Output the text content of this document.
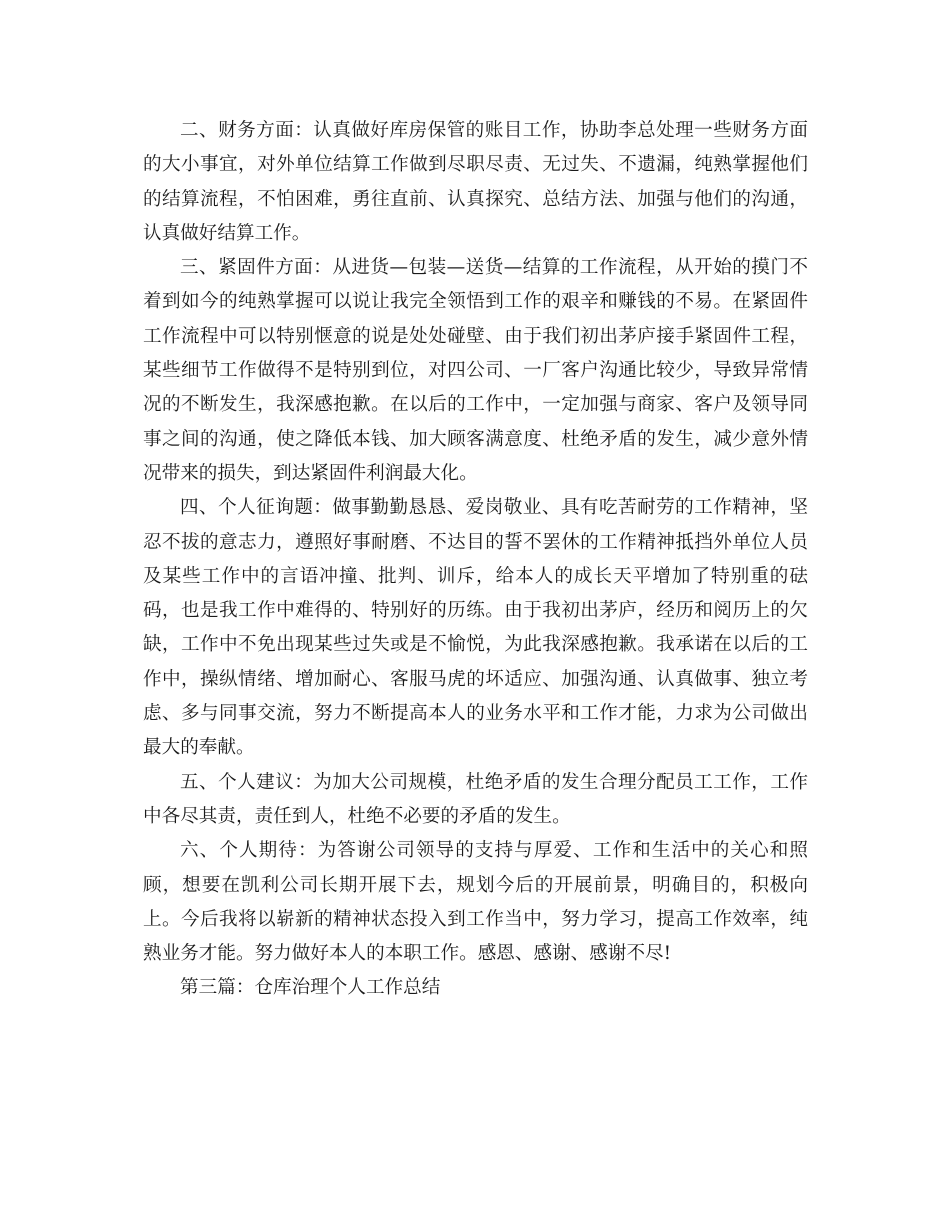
二、财务方面：认真做好库房保管的账目工作，协助李总处理一些财务方面的大小事宜，对外单位结算工作做到尽职尽责、无过失、不遗漏，纯熟掌握他们的结算流程，不怕困难，勇往直前、认真探究、总结方法、加强与他们的沟通，认真做好结算工作。

三、紧固件方面：从进货—包装—送货—结算的工作流程，从开始的摸门不着到如今的纯熟掌握可以说让我完全领悟到工作的艰辛和赚钱的不易。在紧固件工作流程中可以特别惬意的说是处处碰壁、由于我们初出茅庐接手紧固件工程，某些细节工作做得不是特别到位，对四公司、一厂客户沟通比较少，导致异常情况的不断发生，我深感抱歉。在以后的工作中，一定加强与商家、客户及领导同事之间的沟通，使之降低本钱、加大顾客满意度、杜绝矛盾的发生，减少意外情况带来的损失，到达紧固件利润最大化。

四、个人征询题：做事勤勤恳恳、爱岗敬业、具有吃苦耐劳的工作精神，坚忍不拔的意志力，遵照好事耐磨、不达目的誓不罢休的工作精神抵挡外单位人员及某些工作中的言语冲撞、批判、训斥，给本人的成长天平增加了特别重的砝码，也是我工作中难得的、特别好的历练。由于我初出茅庐，经历和阅历上的欠缺，工作中不免出现某些过失或是不愉悦，为此我深感抱歉。我承诺在以后的工作中，操纵情绪、增加耐心、客服马虎的坏适应、加强沟通、认真做事、独立考虑、多与同事交流，努力不断提高本人的业务水平和工作才能，力求为公司做出最大的奉献。

五、个人建议：为加大公司规模，杜绝矛盾的发生合理分配员工工作，工作中各尽其责，责任到人，杜绝不必要的矛盾的发生。

六、个人期待：为答谢公司领导的支持与厚爱、工作和生活中的关心和照顾，想要在凯利公司长期开展下去，规划今后的开展前景，明确目的，积极向上。今后我将以崭新的精神状态投入到工作当中，努力学习，提高工作效率，纯熟业务才能。努力做好本人的本职工作。感恩、感谢、感谢不尽!

第三篇：仓库治理个人工作总结
